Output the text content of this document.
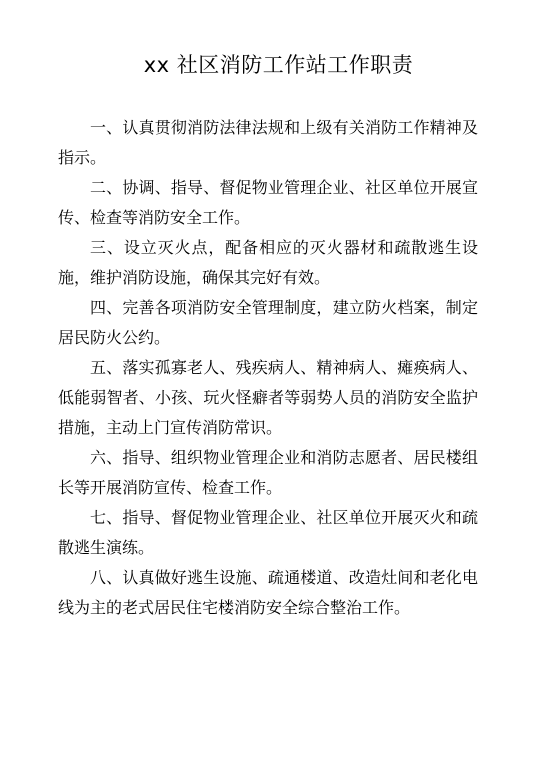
xx 社区消防工作站工作职责

一、认真贯彻消防法律法规和上级有关消防工作精神及指示。

二、协调、指导、督促物业管理企业、社区单位开展宣传、检查等消防安全工作。

三、设立灭火点，配备相应的灭火器材和疏散逃生设施，维护消防设施，确保其完好有效。

四、完善各项消防安全管理制度，建立防火档案，制定居民防火公约。

五、落实孤寡老人、残疾病人、精神病人、瘫痪病人、低能弱智者、小孩、玩火怪癖者等弱势人员的消防安全监护措施，主动上门宣传消防常识。

六、指导、组织物业管理企业和消防志愿者、居民楼组长等开展消防宣传、检查工作。

七、指导、督促物业管理企业、社区单位开展灭火和疏散逃生演练。

八、认真做好逃生设施、疏通楼道、改造灶间和老化电线为主的老式居民住宅楼消防安全综合整治工作。
